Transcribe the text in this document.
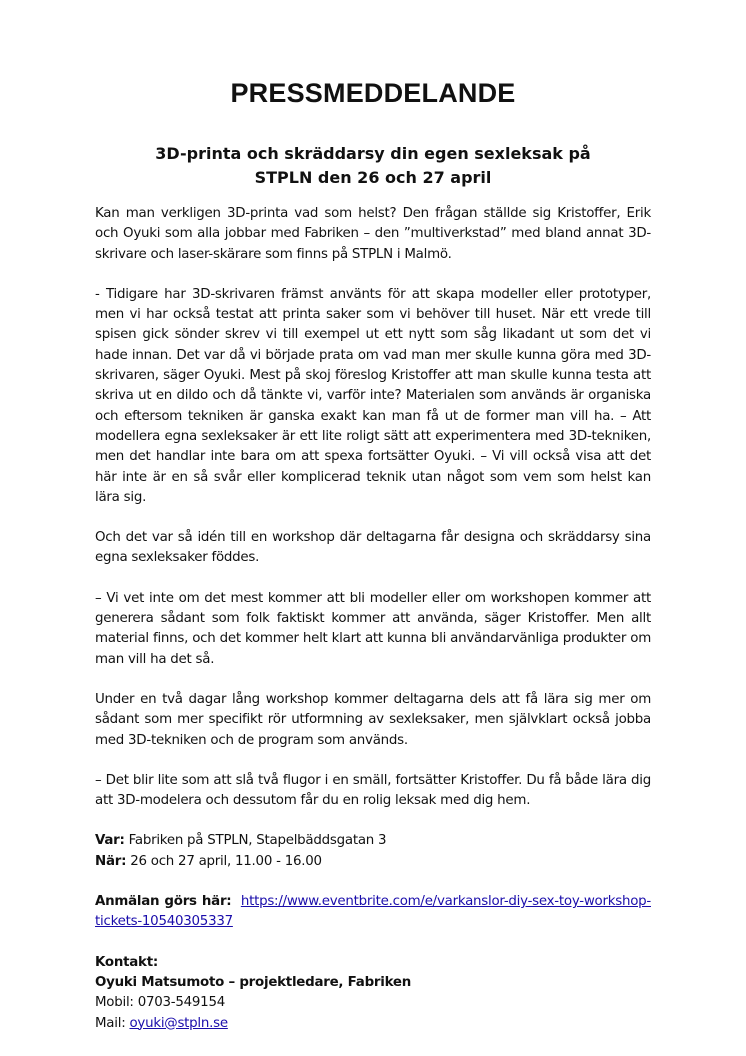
PRESSMEDDELANDE
3D-printa och skräddarsy din egen sexleksak på
STPLN den 26 och 27 april

Kan man verkligen 3D-printa vad som helst? Den frågan ställde sig Kristoffer, Erik och Oyuki som alla jobbar med Fabriken – den ”multiverkstad” med bland annat 3D-skrivare och laser-skärare som finns på STPLN i Malmö.

- Tidigare har 3D-skrivaren främst använts för att skapa modeller eller prototyper, men vi har också testat att printa saker som vi behöver till huset. När ett vrede till spisen gick sönder skrev vi till exempel ut ett nytt som såg likadant ut som det vi hade innan. Det var då vi började prata om vad man mer skulle kunna göra med 3D-skrivaren, säger Oyuki. Mest på skoj föreslog Kristoffer att man skulle kunna testa att skriva ut en dildo och då tänkte vi, varför inte? Materialen som används är organiska och eftersom tekniken är ganska exakt kan man få ut de former man vill ha. – Att modellera egna sexleksaker är ett lite roligt sätt att experimentera med 3D-tekniken, men det handlar inte bara om att spexa fortsätter Oyuki. – Vi vill också visa att det här inte är en så svår eller komplicerad teknik utan något som vem som helst kan lära sig.

Och det var så idén till en workshop där deltagarna får designa och skräddarsy sina egna sexleksaker föddes.

– Vi vet inte om det mest kommer att bli modeller eller om workshopen kommer att generera sådant som folk faktiskt kommer att använda, säger Kristoffer. Men allt material finns, och det kommer helt klart att kunna bli användarvänliga produkter om man vill ha det så.

Under en två dagar lång workshop kommer deltagarna dels att få lära sig mer om sådant som mer specifikt rör utformning av sexleksaker, men självklart också jobba med 3D-tekniken och de program som används.

– Det blir lite som att slå två flugor i en smäll, fortsätter Kristoffer. Du få både lära dig att 3D-modelera och dessutom får du en rolig leksak med dig hem.

Var: Fabriken på STPLN, Stapelbäddsgatan 3
När: 26 och 27 april, 11.00 - 16.00

Anmälan görs här: https://www.eventbrite.com/e/varkanslor-diy-sex-toy-workshop-tickets-10540305337

Kontakt:
Oyuki Matsumoto – projektledare, Fabriken
Mobil: 0703-549154
Mail: oyuki@stpln.se
